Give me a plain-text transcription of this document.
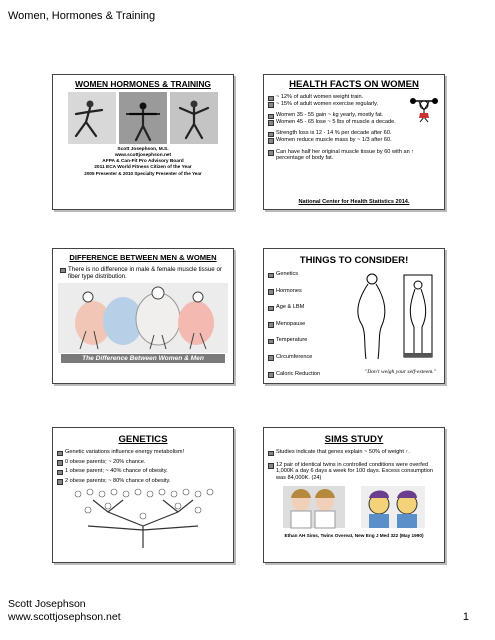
Women, Hormones & Training
WOMEN HORMONES & TRAINING
Scott Josephson, M.S.
www.scottjosephson.net
AFPA & Can-Fit Pro Advisory Board
2011 ECA World Fitness Citizen of the Year
2005 Presenter & 2010 Specialty Presenter of the Year
HEALTH FACTS ON WOMEN
~ 12% of adult women weight train.
~ 15% of adult women exercise regularly.
Women 35 - 55 gain ~ kg yearly, mostly fat.
Women 45 - 65 lose ~ 5 lbs of muscle a decade.
Strength loss is 12 - 14 % per decade after 60.
Women reduce muscle mass by ~ 1/3 after 60.
Can have half her original muscle tissue by 60 with an ↑ percentage of body fat.
National Center for Health Statistics 2014.
DIFFERENCE BETWEEN MEN & WOMEN
There is no difference in male & female muscle tissue or fiber type distribution.
The Difference Between Women & Men
THINGS TO CONSIDER!
Genetics
Hormones
Age & LBM
Menopause
Temperature
Circumference
Caloric Reduction	"Don't weigh your self-esteem."
GENETICS
Genetic variations influence energy metabolism!
0 obese parents; ~ 20% chance.
1 obese parent; ~ 40% chance of obesity.
2 obese parents; ~ 80% chance of obesity.
SIMS STUDY
Studies indicate that genes explain ~ 50% of weight ↑.
12 pair of identical twins in controlled conditions were overfed 1,000K a day 6 days a week for 100 days. Excess consumption was 84,000K. (24)
Ethan AH Sims, Twins Overeat, New Eng J Med 322 (May 1990)
Scott Josephson
www.scottjosephson.net	1
